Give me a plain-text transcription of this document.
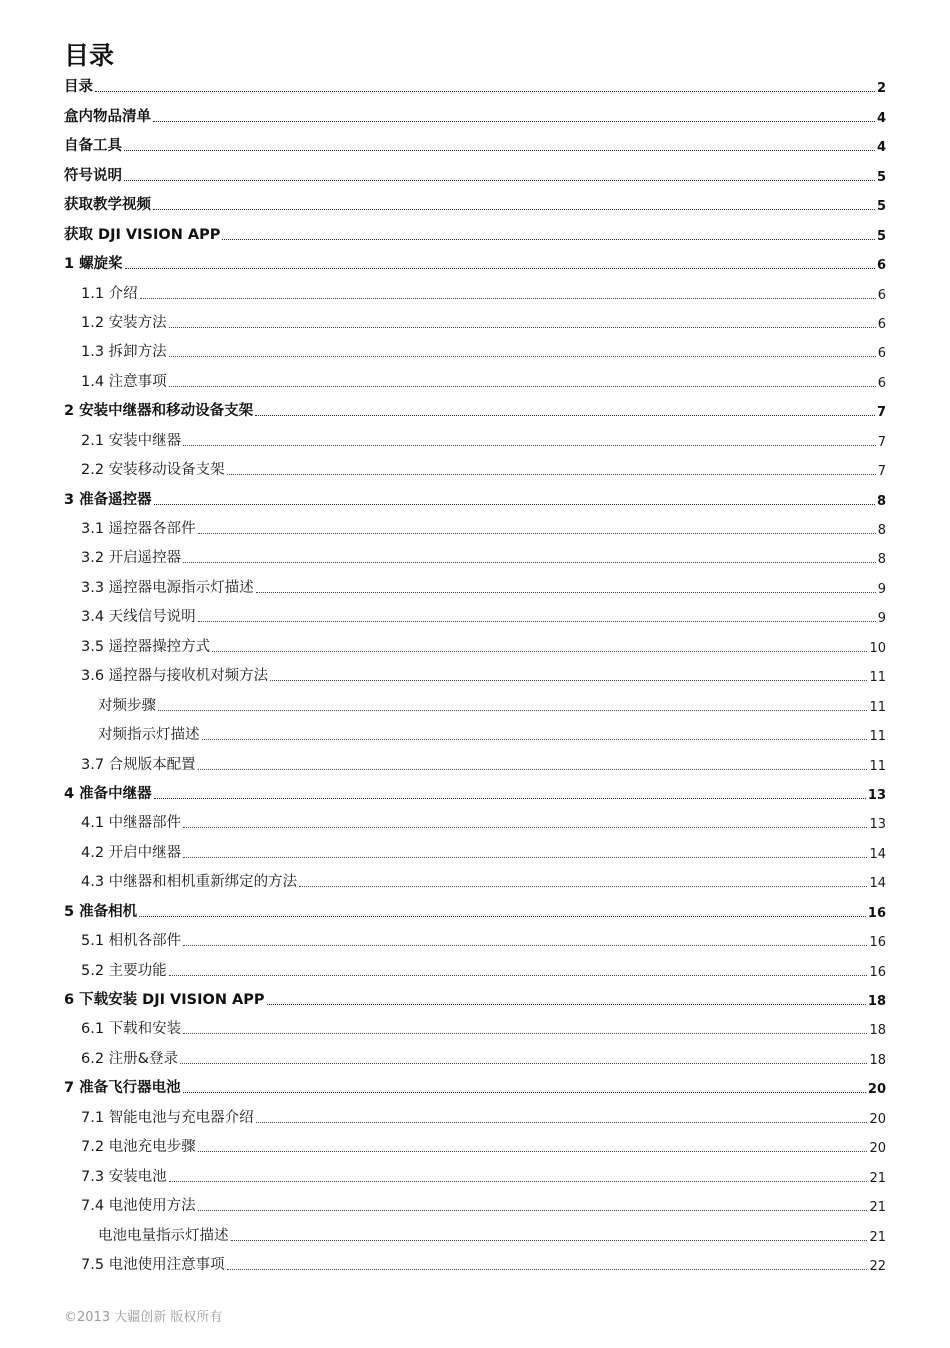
目录
目录	2
盒内物品清单	4
自备工具	4
符号说明	5
获取教学视频	5
获取 DJI VISION APP	5
1 螺旋桨	6
1.1 介绍	6
1.2 安装方法	6
1.3 拆卸方法	6
1.4 注意事项	6
2 安装中继器和移动设备支架	7
2.1 安装中继器	7
2.2 安装移动设备支架	7
3 准备遥控器	8
3.1 遥控器各部件	8
3.2 开启遥控器	8
3.3 遥控器电源指示灯描述	9
3.4 天线信号说明	9
3.5 遥控器操控方式	10
3.6 遥控器与接收机对频方法	11
对频步骤	11
对频指示灯描述	11
3.7 合规版本配置	11
4 准备中继器	13
4.1 中继器部件	13
4.2 开启中继器	14
4.3 中继器和相机重新绑定的方法	14
5 准备相机	16
5.1 相机各部件	16
5.2 主要功能	16
6 下载安装 DJI VISION APP	18
6.1 下载和安装	18
6.2 注册&登录	18
7 准备飞行器电池	20
7.1 智能电池与充电器介绍	20
7.2 电池充电步骤	20
7.3 安装电池	21
7.4 电池使用方法	21
电池电量指示灯描述	21
7.5 电池使用注意事项	22
©2013 大疆创新 版权所有
